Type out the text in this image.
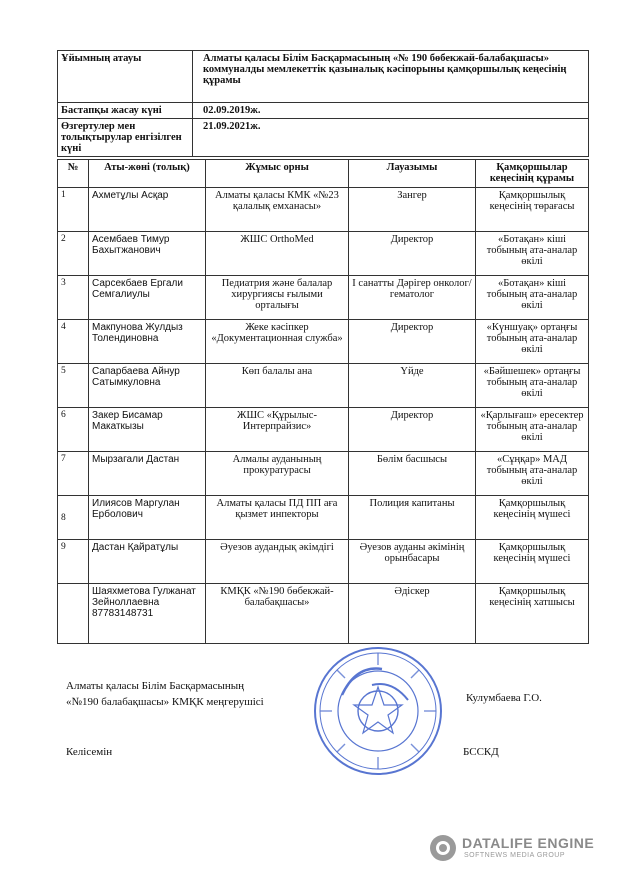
Ұйымның атауы	Алматы қаласы Білім Басқармасының «№ 190 бөбекжай-балабақшасы» коммуналды мемлекеттік қазыналық кәсіпорыны қамқоршылық кеңесінің құрамы
Бастапқы жасау күні	02.09.2019ж.
Өзгертулер мен толықтырулар енгізілген күні	21.09.2021ж.
№	Аты-жөні (толық)	Жұмыс орны	Лауазымы	Қамқоршылар кеңесінің құрамы
1	Ахметұлы Асқар	Алматы қаласы КМК «№23 қалалық емханасы»	Зангер	Қамқоршылық кеңесінің төрағасы
2	Асембаев Тимур Бахытжанович	ЖШС OrthoMed	Директор	«Ботақан» кіші тобының ата-аналар өкілі
3	Сарсекбаев Ергали Семгалиулы	Педиатрия және балалар хирургиясы ғылыми орталығы	I санатты Дәрігер онколог/гематолог	«Ботақан» кіші тобының ата-аналар өкілі
4	Макпунова Жулдыз Толендиновна	Жеке кәсіпкер «Документационная служба»	Директор	«Күншуақ» ортаңғы тобының ата-аналар өкілі
5	Сапарбаева Айнур Сатымкуловна	Көп балалы ана	Үйде	«Бәйшешек» ортаңғы тобының ата-аналар өкілі
6	Закер Бисамар Макаткызы	ЖШС «Құрылыс-Интерпрайзис»	Директор	«Қарлығаш» ересектер тобының ата-аналар өкілі
7	Мырзагали Дастан	Алмалы ауданының прокуратурасы	Бөлім басшысы	«Сұңқар» МАД тобының ата-аналар өкілі
8	Илиясов Маргулан Ерболович	Алматы қаласы ПД ПП аға қызмет инпекторы	Полиция капитаны	Қамқоршылық кеңесінің мүшесі
9	Дастан Қайратұлы	Әуезов аудандық әкімдігі	Әуезов ауданы әкімінің орынбасары	Қамқоршылық кеңесінің мүшесі
	Шаяхметова Гулжанат Зейноллаевна 87783148731	КМҚК «№190 бөбекжай-балабақшасы»	Әдіскер	Қамқоршылық кеңесінің хатшысы
Алматы қаласы Білім Басқармасының
«№190 балабақшасы» КМҚК меңгерушісі	Кулумбаева Г.О.
Келісемін	БССКД
DATALIFE ENGINE
SOFTNEWS MEDIA GROUP
